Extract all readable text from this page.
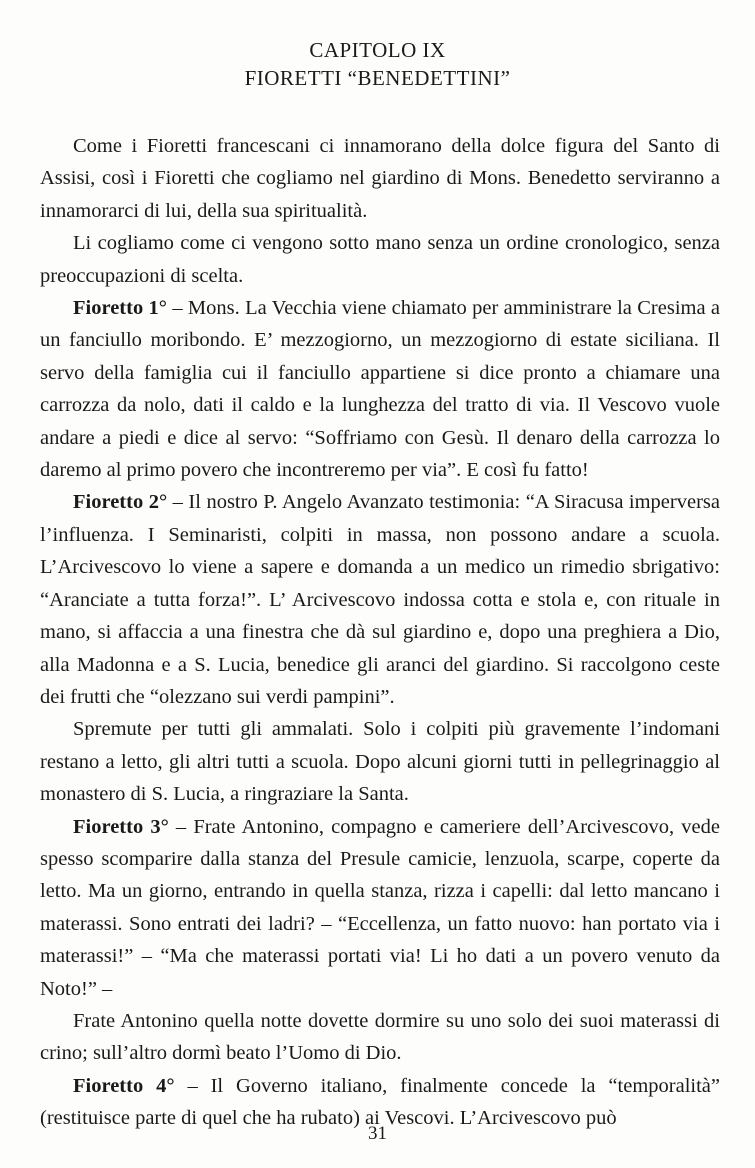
CAPITOLO IX
FIORETTI “BENEDETTINI”

Come i Fioretti francescani ci innamorano della dolce figura del Santo di Assisi, così i Fioretti che cogliamo nel giardino di Mons. Benedetto serviranno a innamorarci di lui, della sua spiritualità.

Li cogliamo come ci vengono sotto mano senza un ordine cronologico, senza preoccupazioni di scelta.

Fioretto 1° – Mons. La Vecchia viene chiamato per amministrare la Cresima a un fanciullo moribondo. E’ mezzogiorno, un mezzogiorno di estate siciliana. Il servo della famiglia cui il fanciullo appartiene si dice pronto a chiamare una carrozza da nolo, dati il caldo e la lunghezza del tratto di via. Il Vescovo vuole andare a piedi e dice al servo: “Soffriamo con Gesù. Il denaro della carrozza lo daremo al primo povero che incontreremo per via”. E così fu fatto!

Fioretto 2° – Il nostro P. Angelo Avanzato testimonia: “A Siracusa imperversa l’influenza. I Seminaristi, colpiti in massa, non possono andare a scuola. L’Arcivescovo lo viene a sapere e domanda a un medico un rimedio sbrigativo: “Aranciate a tutta forza!”. L’ Arcivescovo indossa cotta e stola e, con rituale in mano, si affaccia a una finestra che dà sul giardino e, dopo una preghiera a Dio, alla Madonna e a S. Lucia, benedice gli aranci del giardino. Si raccolgono ceste dei frutti che “olezzano sui verdi pampini”.

Spremute per tutti gli ammalati. Solo i colpiti più gravemente l’indomani restano a letto, gli altri tutti a scuola. Dopo alcuni giorni tutti in pellegrinaggio al monastero di S. Lucia, a ringraziare la Santa.

Fioretto 3° – Frate Antonino, compagno e cameriere dell’Arcivescovo, vede spesso scomparire dalla stanza del Presule camicie, lenzuola, scarpe, coperte da letto. Ma un giorno, entrando in quella stanza, rizza i capelli: dal letto mancano i materassi. Sono entrati dei ladri? – “Eccellenza, un fatto nuovo: han portato via i materassi!” – “Ma che materassi portati via! Li ho dati a un povero venuto da Noto!” –

Frate Antonino quella notte dovette dormire su uno solo dei suoi materassi di crino; sull’altro dormì beato l’Uomo di Dio.

Fioretto 4° – Il Governo italiano, finalmente concede la “temporalità” (restituisce parte di quel che ha rubato) ai Vescovi. L’Arcivescovo può

31
